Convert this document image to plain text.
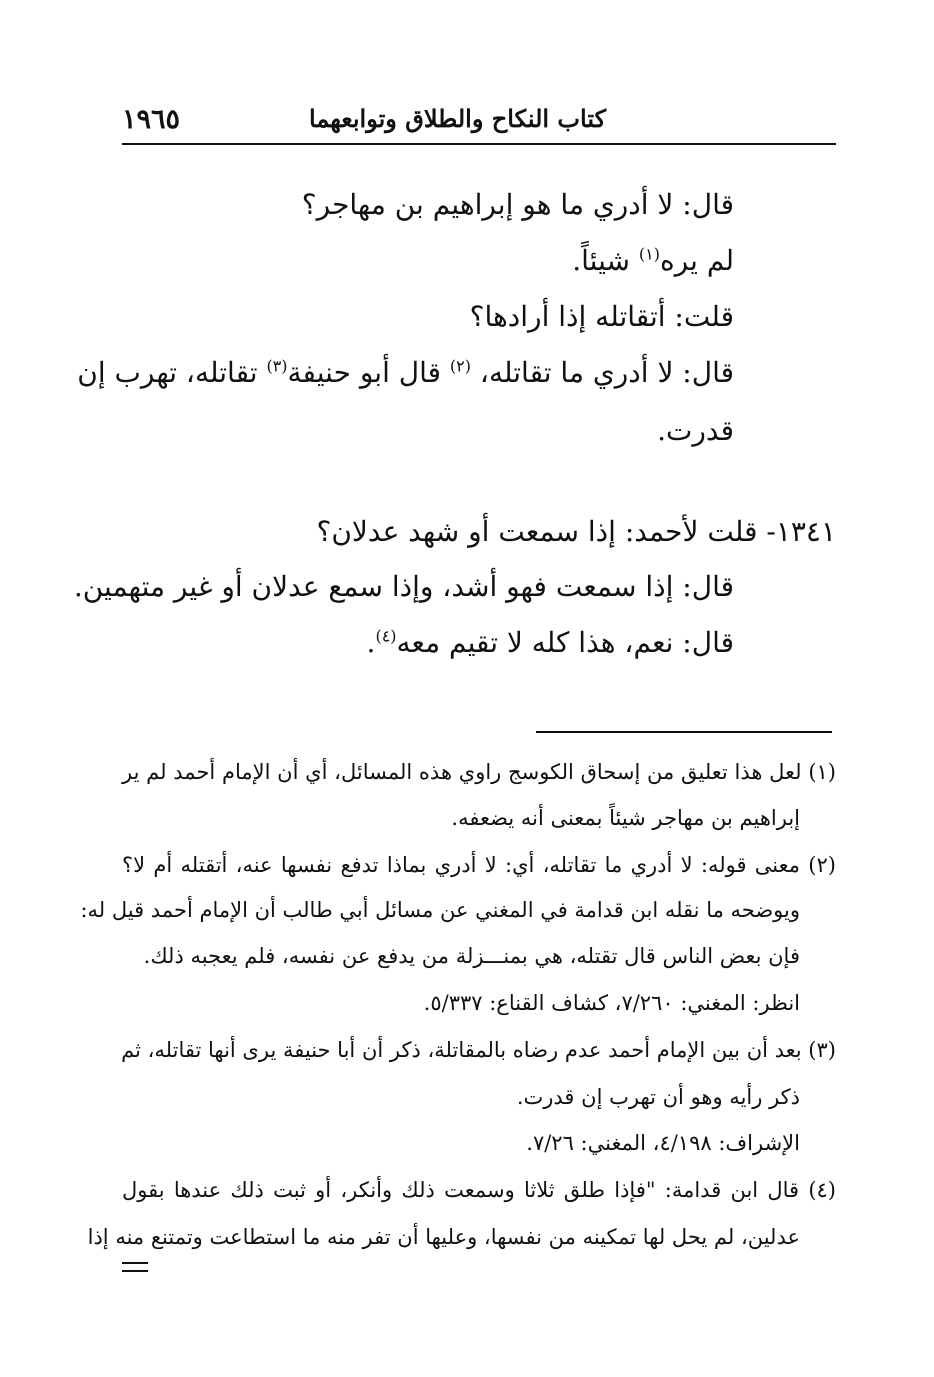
١٩٦٥	كتاب النكاح والطلاق وتوابعهما
قال: لا أدري ما هو إبراهيم بن مهاجر؟
لم يره$^{(١)}$ شيئاً.
قلت: أتقاتله إذا أرادها؟
قال: لا أدري ما تقاتله، $^{(٢)}$ قال أبو حنيفة$^{(٣)}$ تقاتله، تهرب إن
قدرت.
١٣٤١- قلت لأحمد: إذا سمعت أو شهد عدلان؟
قال: إذا سمعت فهو أشد، وإذا سمع عدلان أو غير متهمين.
قال: نعم، هذا كله لا تقيم معه$^{(٤)}$.
(١) لعل هذا تعليق من إسحاق الكوسج راوي هذه المسائل، أي أن الإمام أحمد لم ير
إبراهيم بن مهاجر شيئاً بمعنى أنه يضعفه.
(٢) معنى قوله: لا أدري ما تقاتله، أي: لا أدري بماذا تدفع نفسها عنه، أتقتله أم لا؟
ويوضحه ما نقله ابن قدامة في المغني عن مسائل أبي طالب أن الإمام أحمد قيل له:
فإن بعض الناس قال تقتله، هي بمنـــزلة من يدفع عن نفسه، فلم يعجبه ذلك.
انظر: المغني: ٧/٢٦٠، كشاف القناع: ٥/٣٣٧.
(٣) بعد أن بين الإمام أحمد عدم رضاه بالمقاتلة، ذكر أن أبا حنيفة يرى أنها تقاتله، ثم
ذكر رأيه وهو أن تهرب إن قدرت.
الإشراف: ٤/١٩٨، المغني: ٧/٢٦.
(٤) قال ابن قدامة: "فإذا طلق ثلاثا وسمعت ذلك وأنكر، أو ثبت ذلك عندها بقول
عدلين، لم يحل لها تمكينه من نفسها، وعليها أن تفر منه ما استطاعت وتمتنع منه إذا
